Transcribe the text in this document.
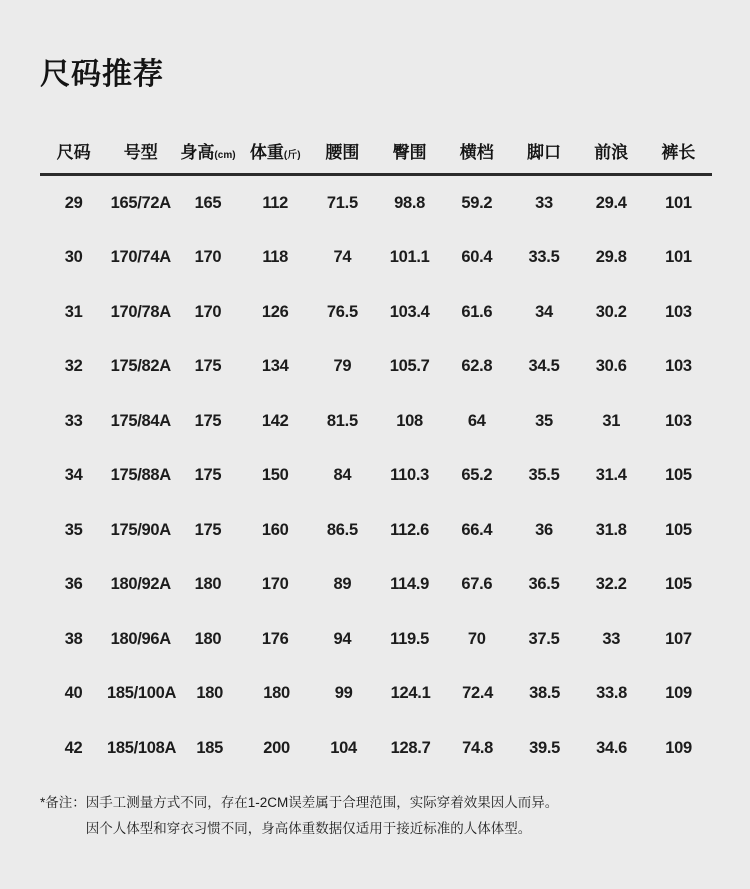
尺码推荐
尺码	号型	身高(cm) 体重(斤)	腰围	臀围	横档	脚口	前浪	裤长
29	165/72A	165	112	71.5	98.8	59.2	33	29.4	101
30	170/74A	170	118	74	101.1	60.4	33.5	29.8	101
31	170/78A	170	126	76.5	103.4	61.6	34	30.2	103
32	175/82A	175	134	79	105.7	62.8	34.5	30.6	103
33	175/84A	175	142	81.5	108	64	35	31	103
34	175/88A	175	150	84	110.3	65.2	35.5	31.4	105
35	175/90A	175	160	86.5	112.6	66.4	36	31.8	105
36	180/92A	180	170	89	114.9	67.6	36.5	32.2	105
38	180/96A	180	176	94	119.5	70	37.5	33	107
40	185/100A	180	180	99	124.1	72.4	38.5	33.8	109
42	185/108A	185	200	104	128.7	74.8	39.5	34.6	109
*备注： 因手工测量方式不同，存在1-2CM误差属于合理范围，实际穿着效果因人而异。
因个人体型和穿衣习惯不同，身高体重数据仅适用于接近标准的人体体型。
